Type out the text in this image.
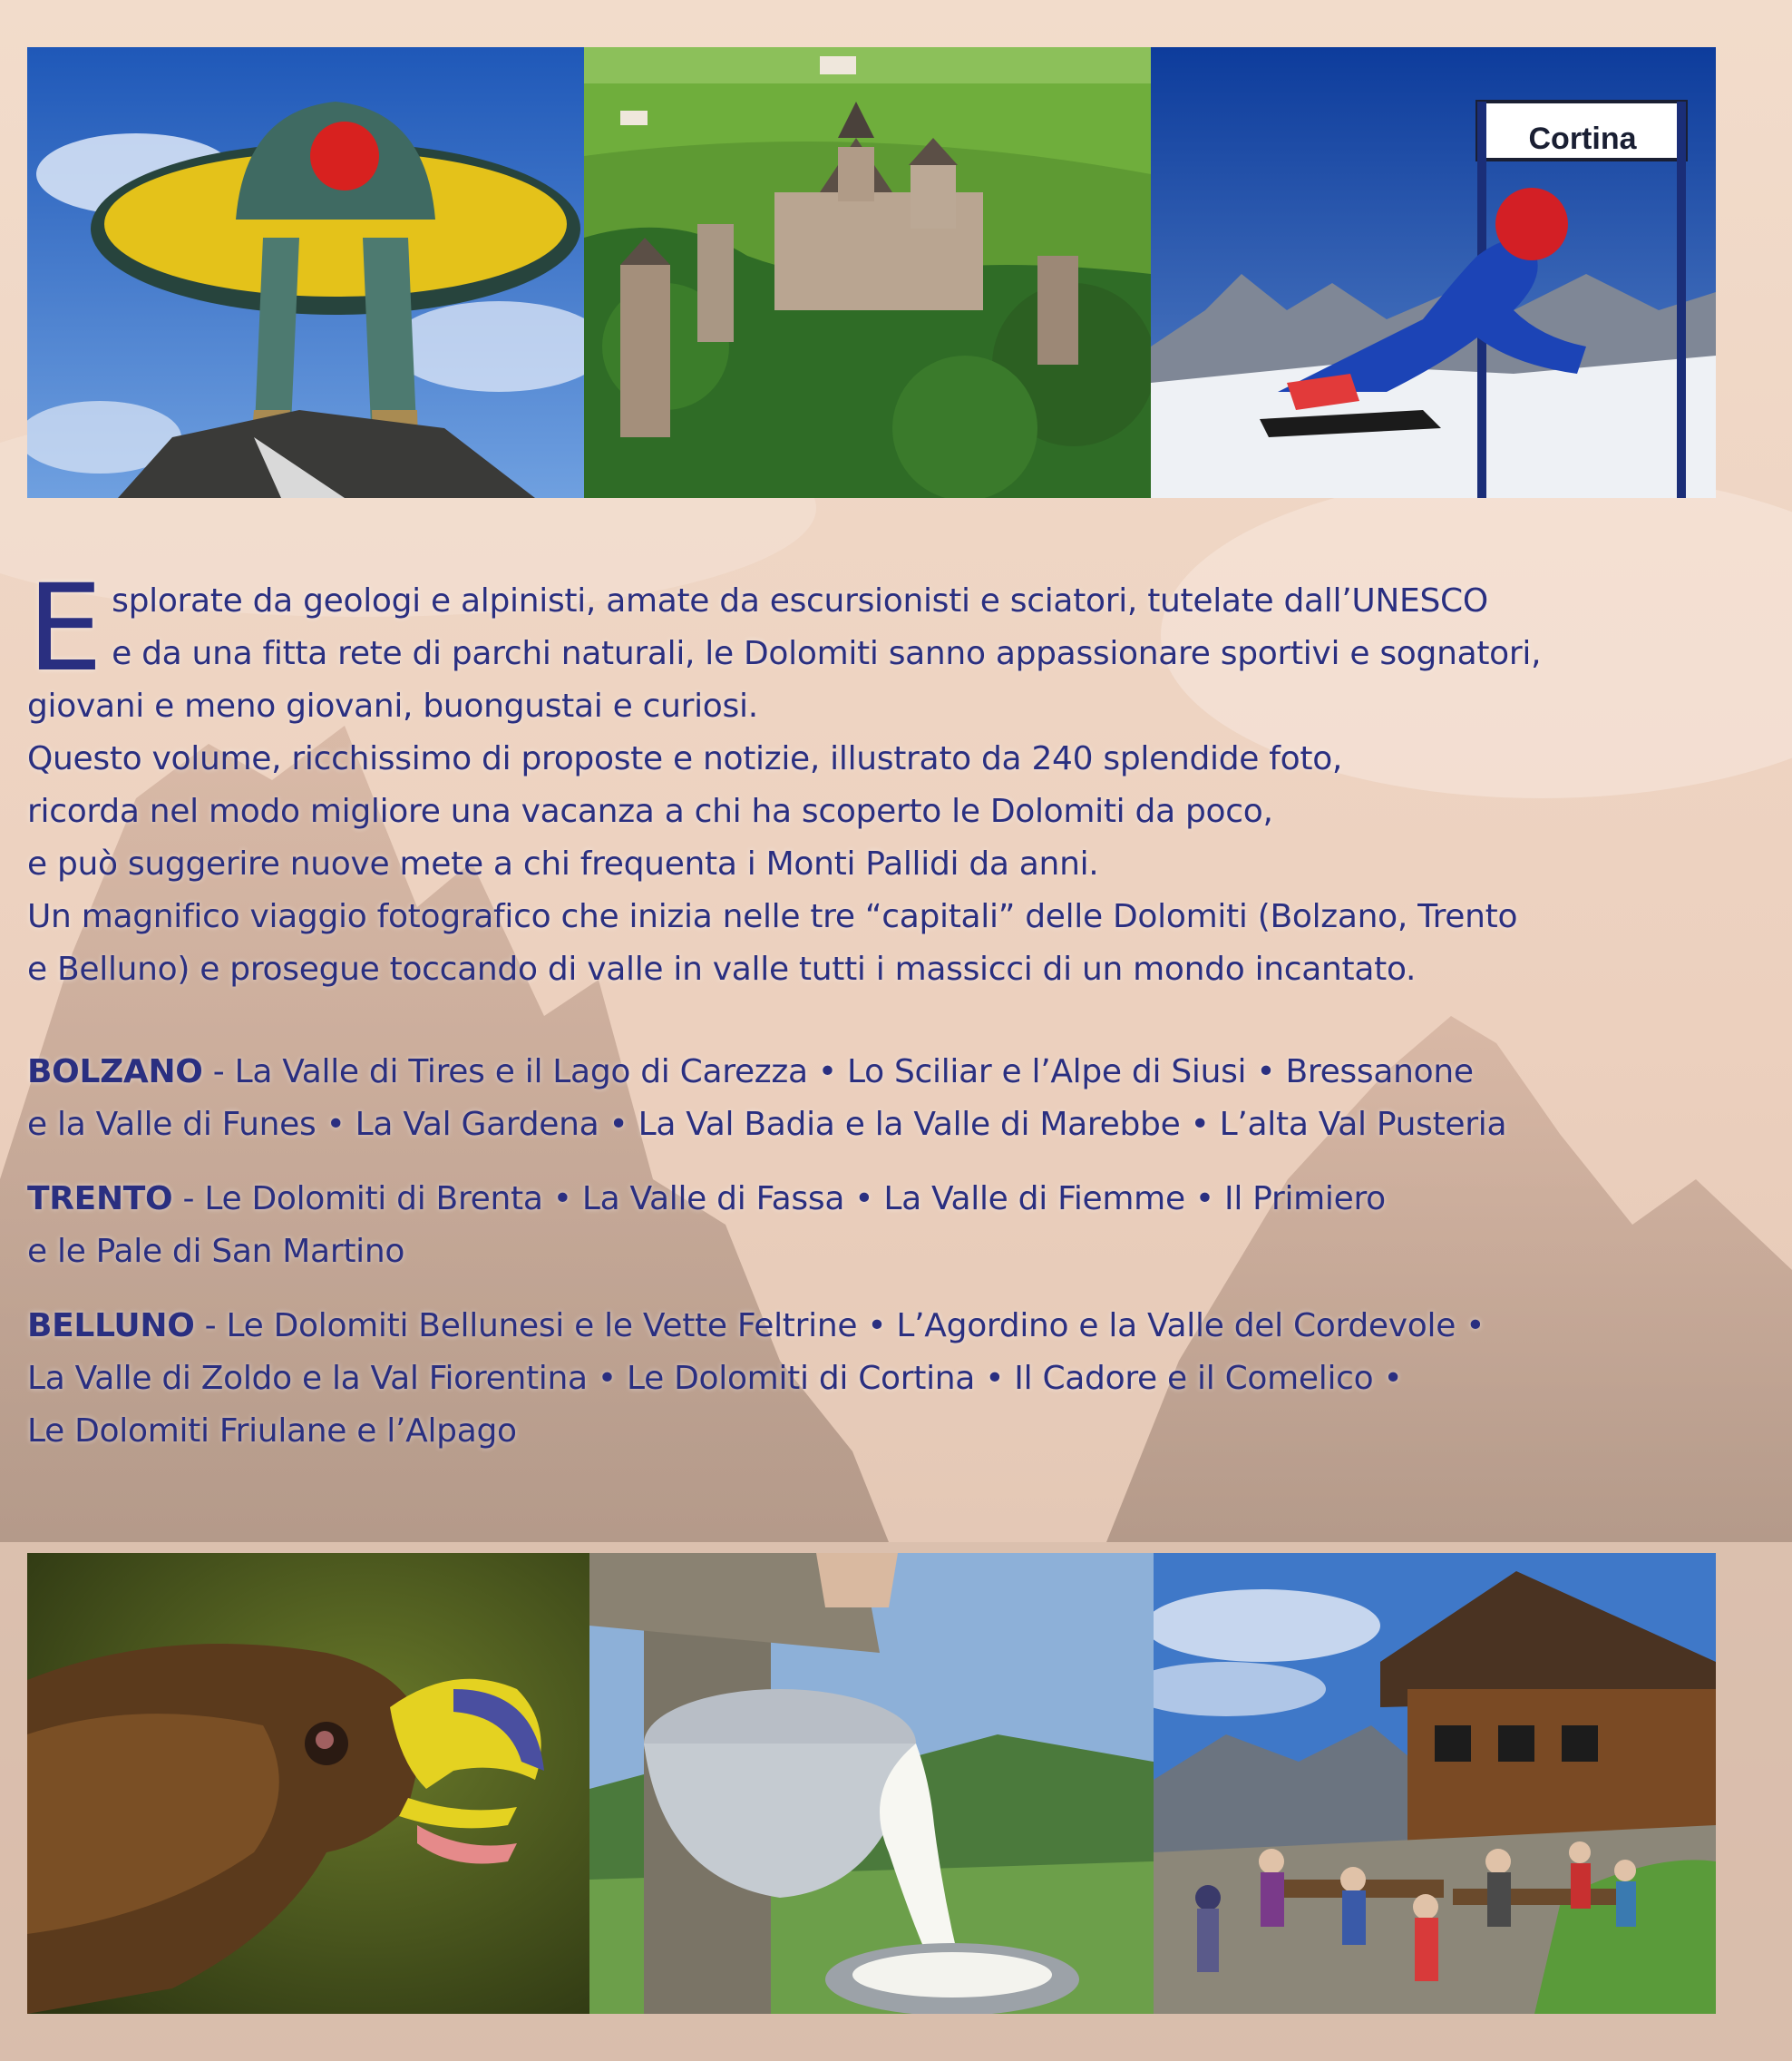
Cortina
E splorate da geologi e alpinisti, amate da escursionisti e sciatori, tutelate dall’UNESCO
e da una fitta rete di parchi naturali, le Dolomiti sanno appassionare sportivi e sognatori,
giovani e meno giovani, buongustai e curiosi.
Questo volume, ricchissimo di proposte e notizie, illustrato da 240 splendide foto,
ricorda nel modo migliore una vacanza a chi ha scoperto le Dolomiti da poco,
e può suggerire nuove mete a chi frequenta i Monti Pallidi da anni.
Un magnifico viaggio fotografico che inizia nelle tre “capitali” delle Dolomiti (Bolzano, Trento
e Belluno) e prosegue toccando di valle in valle tutti i massicci di un mondo incantato.
BOLZANO - La Valle di Tires e il Lago di Carezza • Lo Sciliar e l’Alpe di Siusi • Bressanone
e la Valle di Funes • La Val Gardena • La Val Badia e la Valle di Marebbe • L’alta Val Pusteria
TRENTO - Le Dolomiti di Brenta • La Valle di Fassa • La Valle di Fiemme • Il Primiero
e le Pale di San Martino
BELLUNO - Le Dolomiti Bellunesi e le Vette Feltrine • L’Agordino e la Valle del Cordevole •
La Valle di Zoldo e la Val Fiorentina • Le Dolomiti di Cortina • Il Cadore e il Comelico •
Le Dolomiti Friulane e l’Alpago
